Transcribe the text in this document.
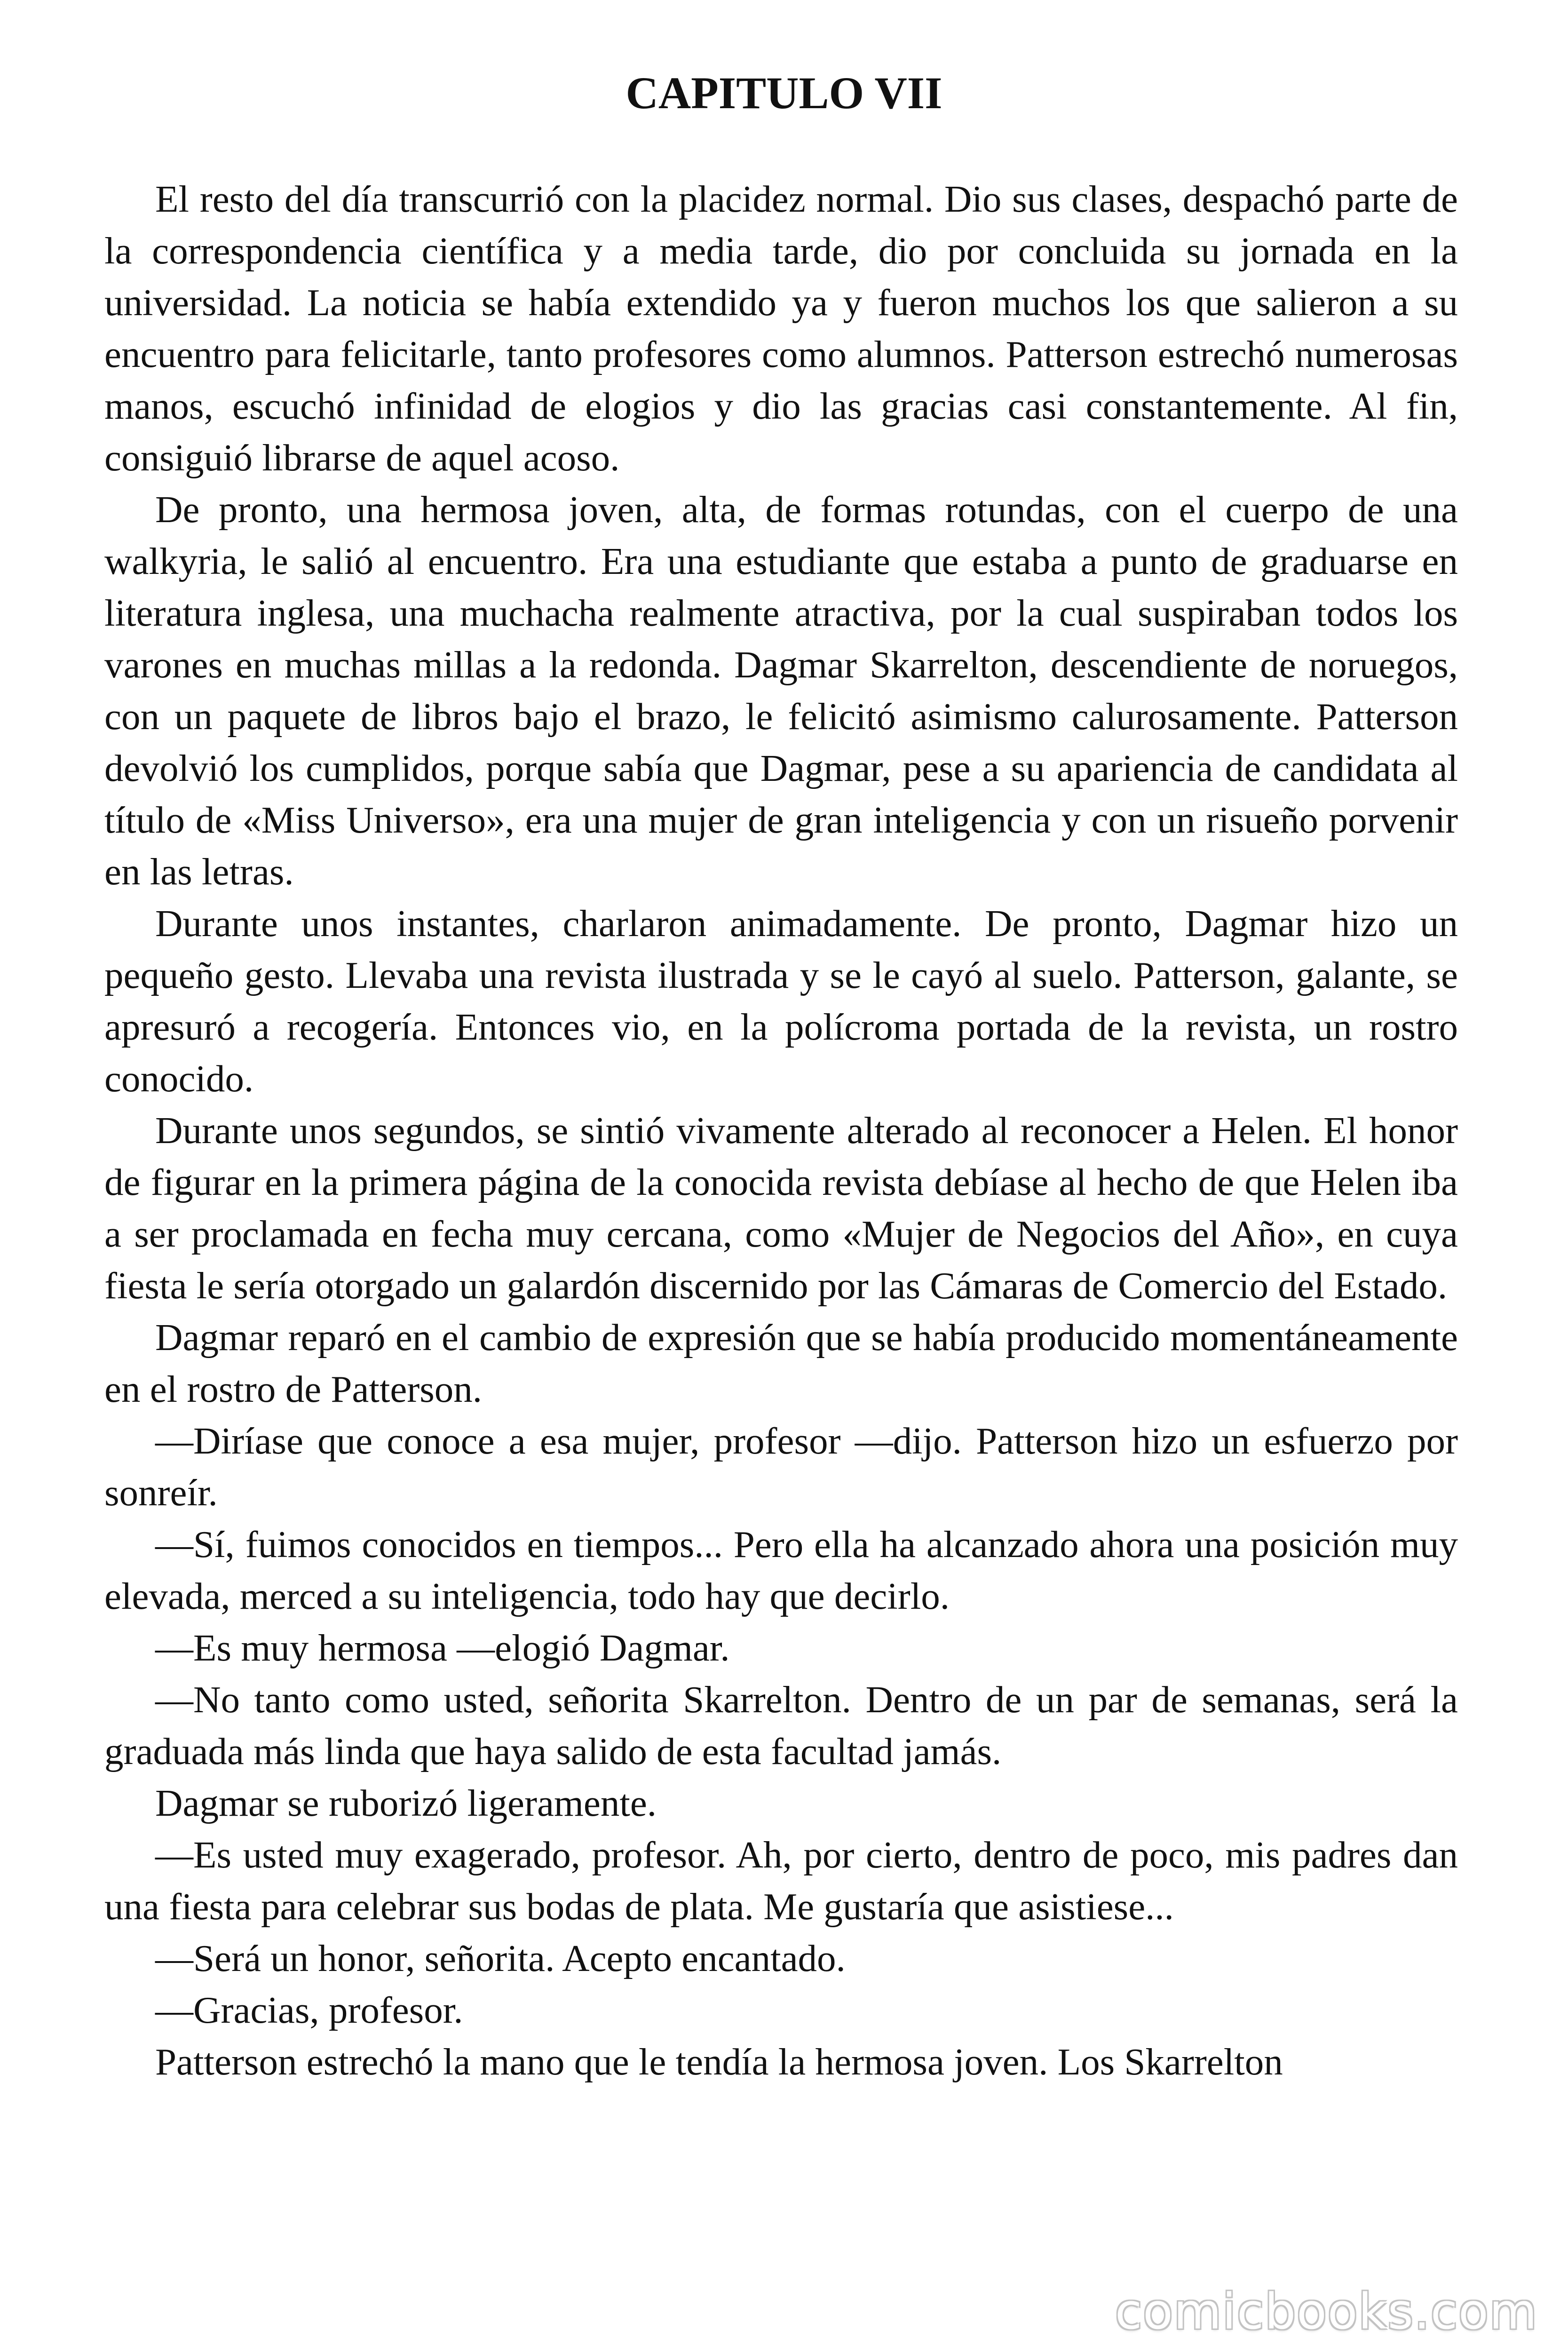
CAPITULO VII

El resto del día transcurrió con la placidez normal. Dio sus clases, despachó parte de la correspondencia científica y a media tarde, dio por concluida su jornada en la universidad. La noticia se había extendido ya y fueron muchos los que salieron a su encuentro para felicitarle, tanto profesores como alumnos. Patterson estrechó numerosas manos, escuchó infinidad de elogios y dio las gracias casi constantemente. Al fin, consiguió librarse de aquel acoso.

De pronto, una hermosa joven, alta, de formas rotundas, con el cuerpo de una walkyria, le salió al encuentro. Era una estudiante que estaba a punto de graduarse en literatura inglesa, una muchacha realmente atractiva, por la cual suspiraban todos los varones en muchas millas a la redonda. Dagmar Skarrelton, descendiente de noruegos, con un paquete de libros bajo el brazo, le felicitó asimismo calurosamente. Patterson devolvió los cumplidos, porque sabía que Dagmar, pese a su apariencia de candidata al título de «Miss Universo», era una mujer de gran inteligencia y con un risueño porvenir en las letras.

Durante unos instantes, charlaron animadamente. De pronto, Dagmar hizo un pequeño gesto. Llevaba una revista ilustrada y se le cayó al suelo. Patterson, galante, se apresuró a recogería. Entonces vio, en la polícroma portada de la revista, un rostro conocido.

Durante unos segundos, se sintió vivamente alterado al reconocer a Helen. El honor de figurar en la primera página de la conocida revista debíase al hecho de que Helen iba a ser proclamada en fecha muy cercana, como «Mujer de Negocios del Año», en cuya fiesta le sería otorgado un galardón discernido por las Cámaras de Comercio del Estado.

Dagmar reparó en el cambio de expresión que se había producido momentáneamente en el rostro de Patterson.

—Diríase que conoce a esa mujer, profesor —dijo. Patterson hizo un esfuerzo por sonreír.

—Sí, fuimos conocidos en tiempos... Pero ella ha alcanzado ahora una posición muy elevada, merced a su inteligencia, todo hay que decirlo.

—Es muy hermosa —elogió Dagmar.

—No tanto como usted, señorita Skarrelton. Dentro de un par de semanas, será la graduada más linda que haya salido de esta facultad jamás.

Dagmar se ruborizó ligeramente.

—Es usted muy exagerado, profesor. Ah, por cierto, dentro de poco, mis padres dan una fiesta para celebrar sus bodas de plata. Me gustaría que asistiese...

—Será un honor, señorita. Acepto encantado.

—Gracias, profesor.

Patterson estrechó la mano que le tendía la hermosa joven. Los Skarrelton

comicbooks.com
